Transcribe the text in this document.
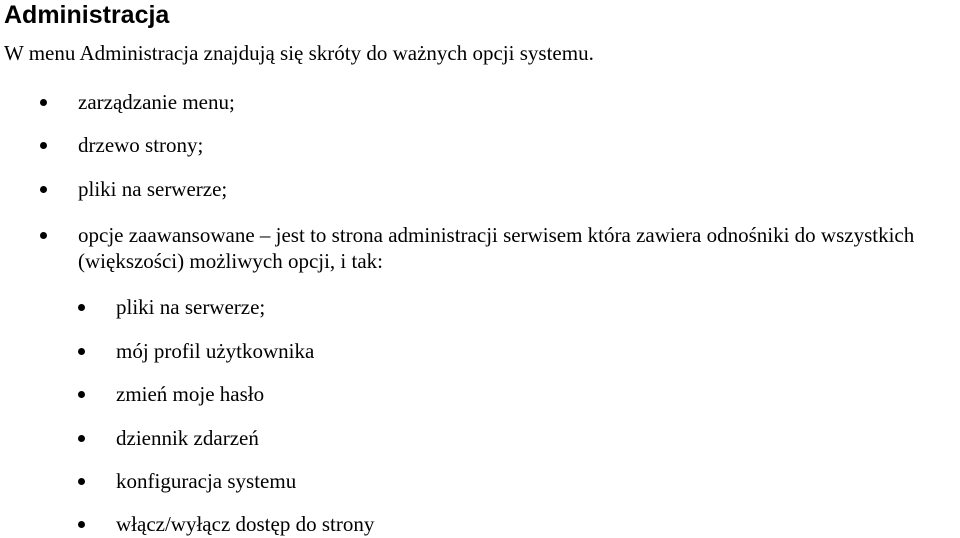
Administracja
W menu Administracja znajdują się skróty do ważnych opcji systemu.
zarządzanie menu;
drzewo strony;
pliki na serwerze;
opcje zaawansowane – jest to strona administracji serwisem która zawiera odnośniki do wszystkich (większości) możliwych opcji, i tak:
pliki na serwerze;
mój profil użytkownika
zmień moje hasło
dziennik zdarzeń
konfiguracja systemu
włącz/wyłącz dostęp do strony
